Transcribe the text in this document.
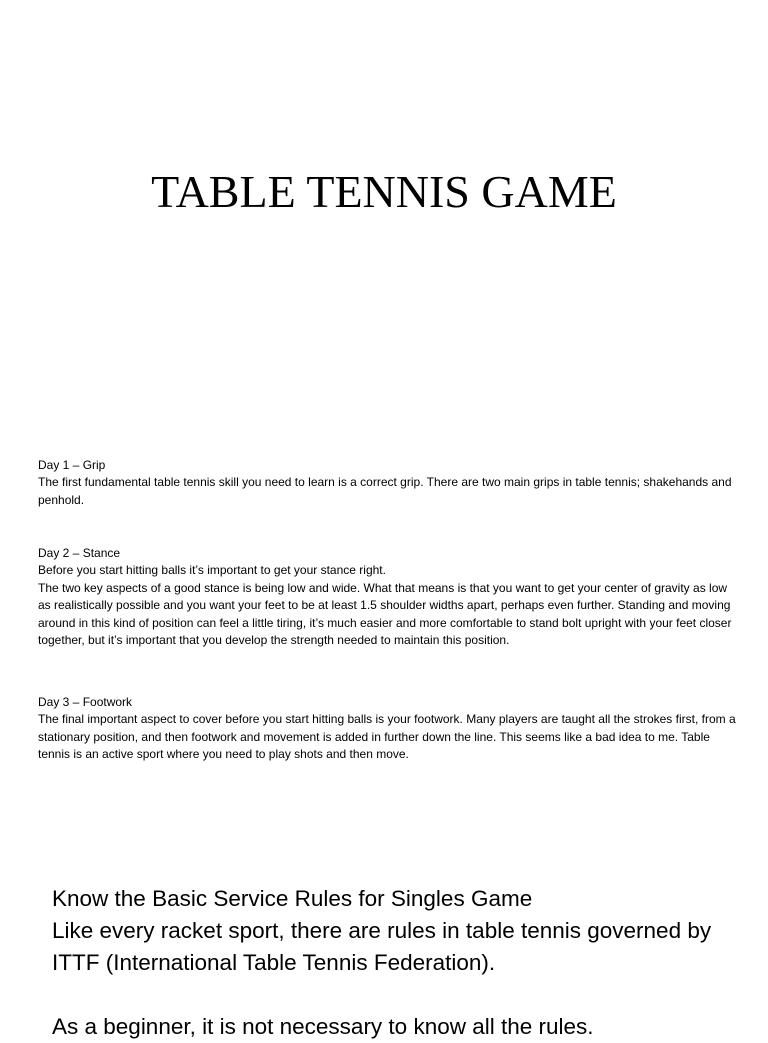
TABLE TENNIS GAME

Day 1 – Grip

The first fundamental table tennis skill you need to learn is a correct grip. There are two main grips in table tennis; shakehands and penhold.

Day 2 – Stance

Before you start hitting balls it’s important to get your stance right.

The two key aspects of a good stance is being low and wide. What that means is that you want to get your center of gravity as low as realistically possible and you want your feet to be at least 1.5 shoulder widths apart, perhaps even further. Standing and moving around in this kind of position can feel a little tiring, it’s much easier and more comfortable to stand bolt upright with your feet closer together, but it’s important that you develop the strength needed to maintain this position.

Day 3 – Footwork

The final important aspect to cover before you start hitting balls is your footwork. Many players are taught all the strokes first, from a stationary position, and then footwork and movement is added in further down the line. This seems like a bad idea to me. Table tennis is an active sport where you need to play shots and then move.

Know the Basic Service Rules for Singles Game

Like every racket sport, there are rules in table tennis governed by

ITTF (International Table Tennis Federation).

As a beginner, it is not necessary to know all the rules.
